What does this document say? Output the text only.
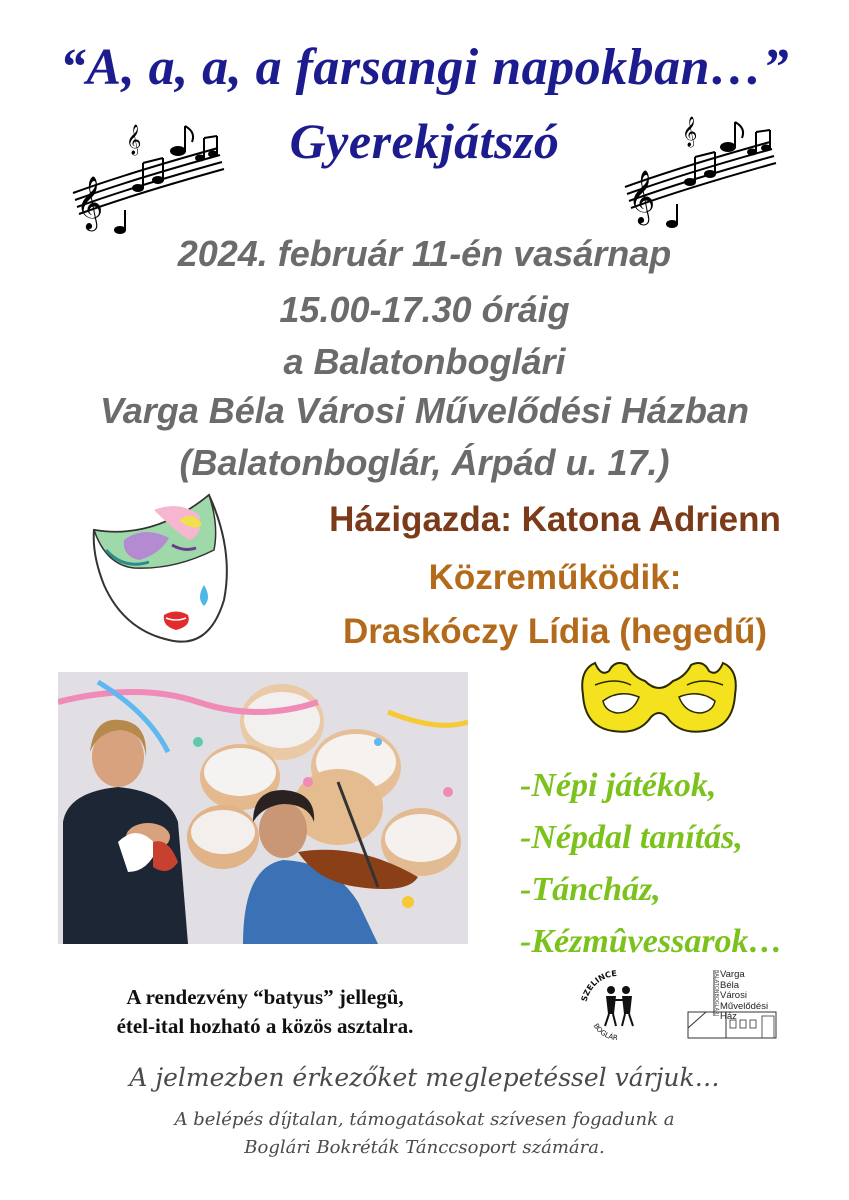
“A, a, a, a farsangi napokban…”
Gyerekjátszó
𝄞
𝄞
𝄞
𝄞
2024. február 11-én vasárnap
15.00-17.30 óráig
a Balatonboglári
Varga Béla Városi Művelődési Házban
(Balatonboglár, Árpád u. 17.)
Házigazda: Katona Adrienn
Közreműködik:
Draskóczy Lídia (hegedű)
-Népi játékok,
-Népdal tanítás,
-Táncház,
-Kézmûvessarok…
A rendezvény “batyus” jellegû,
étel-ital hozható a közös asztalra.
SZELINCE
BOGLÁR
BALATONBOGLÁRI Varga
Béla
Városi
Művelődési
Ház
A jelmezben érkezőket meglepetéssel várjuk…
A belépés díjtalan, támogatásokat szívesen fogadunk a
Boglári Bokréták Tánccsoport számára.
